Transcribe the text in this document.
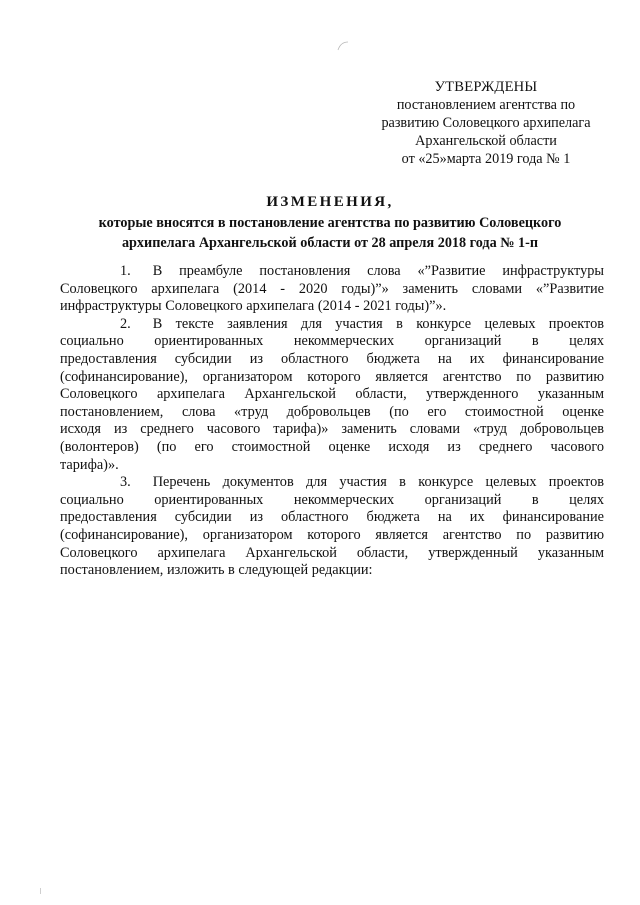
УТВЕРЖДЕНЫ
постановлением агентства по
развитию Соловецкого архипелага
Архангельской области
от «25»марта 2019 года № 1
ИЗМЕНЕНИЯ,
которые вносятся в постановление агентства по развитию Соловецкого
архипелага Архангельской области от 28 апреля 2018 года № 1-п
1. В преамбуле постановления слова «”Развитие инфраструктуры
Соловецкого архипелага (2014 - 2020 годы)”» заменить словами «”Развитие
инфраструктуры Соловецкого архипелага (2014 - 2021 годы)”».
2. В тексте заявления для участия в конкурсе целевых проектов
социально ориентированных некоммерческих организаций в целях
предоставления субсидии из областного бюджета на их финансирование
(софинансирование), организатором которого является агентство по развитию
Соловецкого архипелага Архангельской области, утвержденного указанным
постановлением, слова «труд добровольцев (по его стоимостной оценке
исходя из среднего часового тарифа)» заменить словами «труд добровольцев
(волонтеров) (по его стоимостной оценке исходя из среднего часового
тарифа)».
3. Перечень документов для участия в конкурсе целевых проектов
социально ориентированных некоммерческих организаций в целях
предоставления субсидии из областного бюджета на их финансирование
(софинансирование), организатором которого является агентство по развитию
Соловецкого архипелага Архангельской области, утвержденный указанным
постановлением, изложить в следующей редакции:
